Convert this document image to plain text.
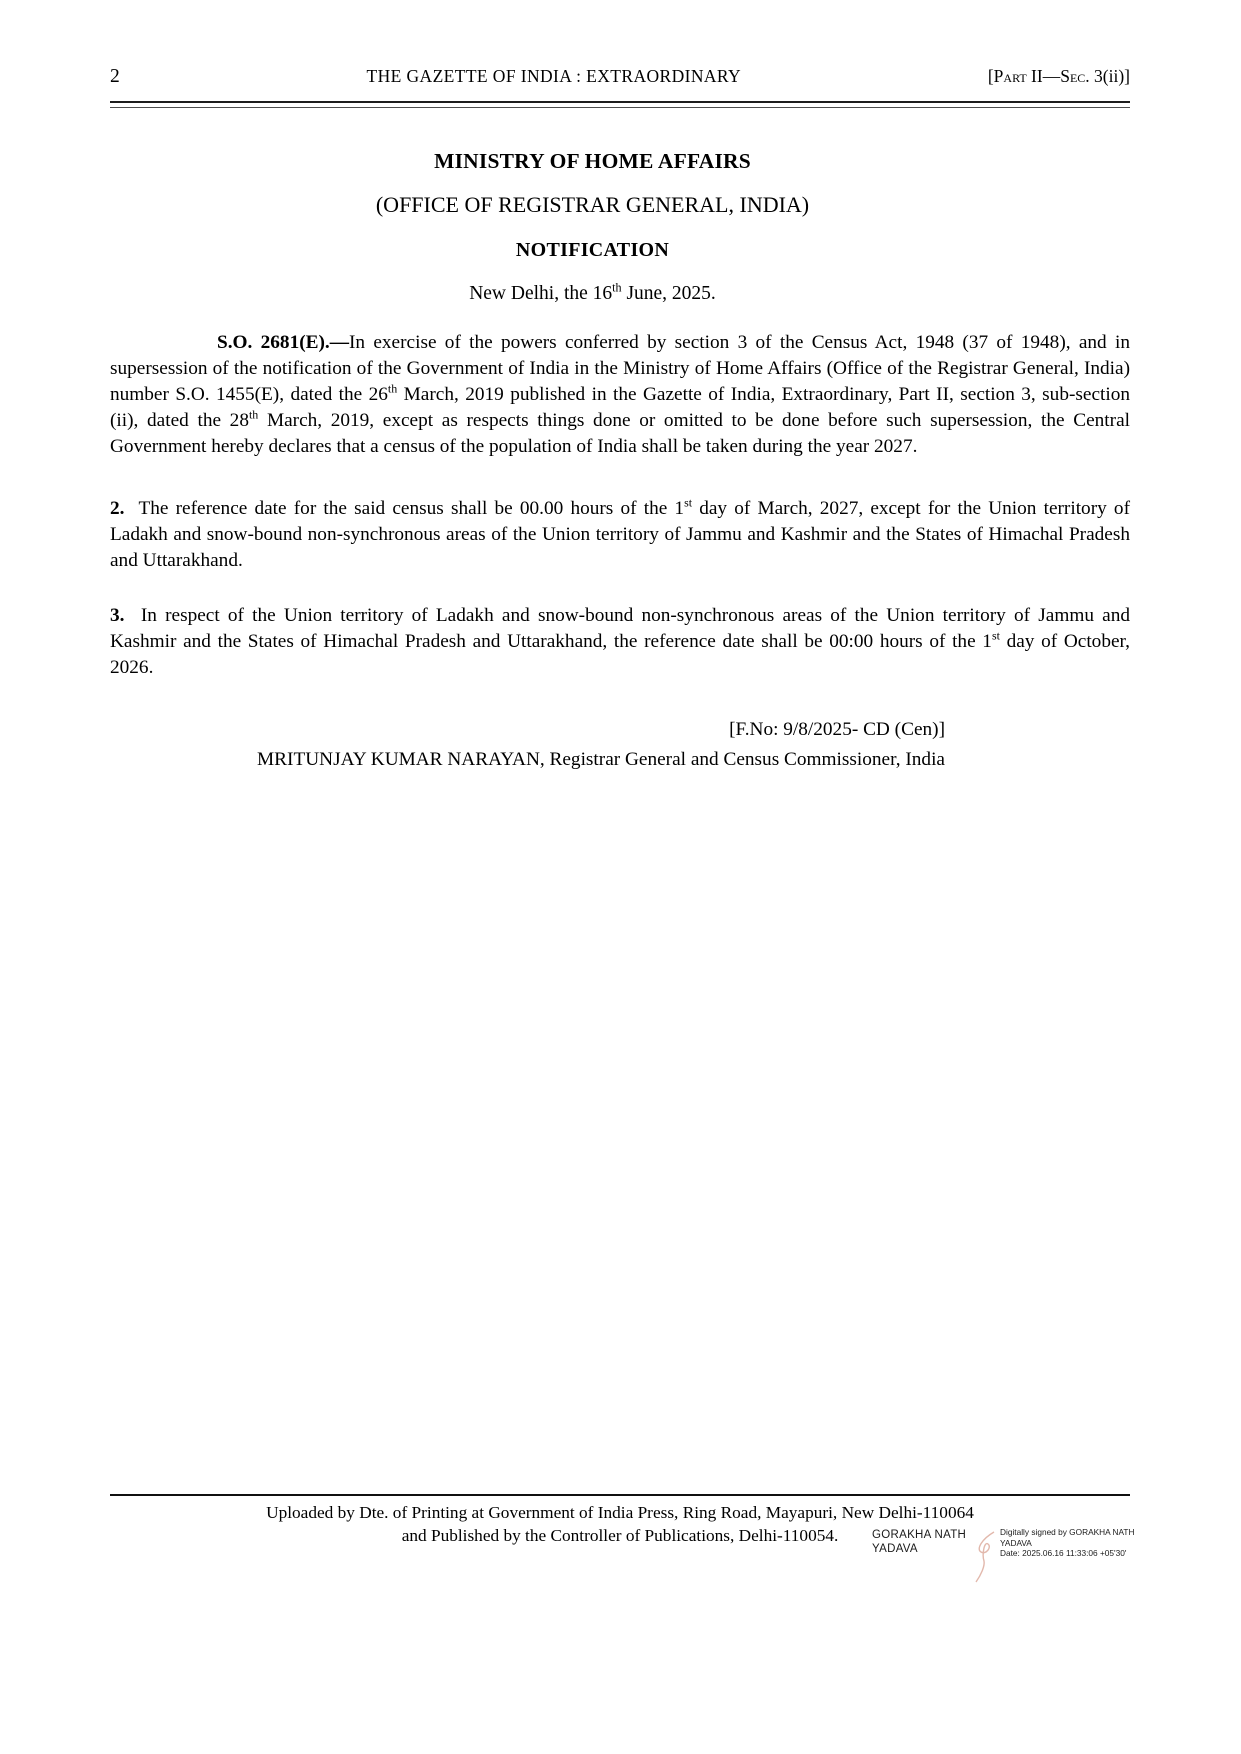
2	THE GAZETTE OF INDIA : EXTRAORDINARY	[Part II—Sec. 3(ii)]
MINISTRY OF HOME AFFAIRS
(OFFICE OF REGISTRAR GENERAL, INDIA)
NOTIFICATION
New Delhi, the 16th June, 2025.

S.O. 2681(E).—In exercise of the powers conferred by section 3 of the Census Act, 1948 (37 of 1948), and in supersession of the notification of the Government of India in the Ministry of Home Affairs (Office of the Registrar General, India) number S.O. 1455(E), dated the 26th March, 2019 published in the Gazette of India, Extraordinary, Part II, section 3, sub-section (ii), dated the 28th March, 2019, except as respects things done or omitted to be done before such supersession, the Central Government hereby declares that a census of the population of India shall be taken during the year 2027.

2.  The reference date for the said census shall be 00.00 hours of the 1st day of March, 2027, except for the Union territory of Ladakh and snow-bound non-synchronous areas of the Union territory of Jammu and Kashmir and the States of Himachal Pradesh and Uttarakhand.

3.  In respect of the Union territory of Ladakh and snow-bound non-synchronous areas of the Union territory of Jammu and Kashmir and the States of Himachal Pradesh and Uttarakhand, the reference date shall be 00:00 hours of the 1st day of October, 2026.

[F.No: 9/8/2025- CD (Cen)]

MRITUNJAY KUMAR NARAYAN, Registrar General and Census Commissioner, India

Uploaded by Dte. of Printing at Government of India Press, Ring Road, Mayapuri, New Delhi-110064
and Published by the Controller of Publications, Delhi-110054.	GORAKHA NATH
YADAVA
Digitally signed by GORAKHA NATH
YADAVA
Date: 2025.06.16 11:33:06 +05'30'
